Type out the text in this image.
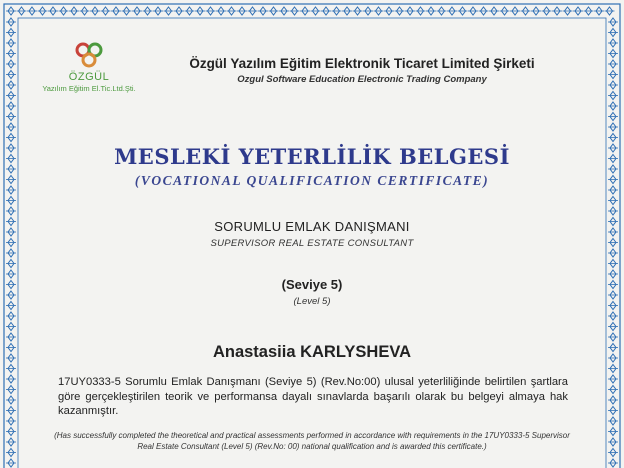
ÖZGÜL
Yazılım Eğitim El.Tic.Ltd.Şti.
Özgül Yazılım Eğitim Elektronik Ticaret Limited Şirketi
Ozgul Software Education Electronic Trading Company
MESLEKİ YETERLİLİK BELGESİ
(VOCATIONAL QUALIFICATION CERTIFICATE)
SORUMLU EMLAK DANIŞMANI
SUPERVISOR REAL ESTATE CONSULTANT
(Seviye 5)
(Level 5)
Anastasiia KARLYSHEVA
17UY0333-5 Sorumlu Emlak Danışmanı (Seviye 5) (Rev.No:00) ulusal yeterliliğinde belirtilen şartlara göre gerçekleştirilen teorik ve performansa dayalı sınavlarda başarılı olarak bu belgeyi almaya hak kazanmıştır.
(Has successfully completed the theoretical and practical assessments performed in accordance with requirements in the 17UY0333-5 Supervisor Real Estate Consultant (Level 5) (Rev.No: 00) national qualification and is awarded this certificate.)
